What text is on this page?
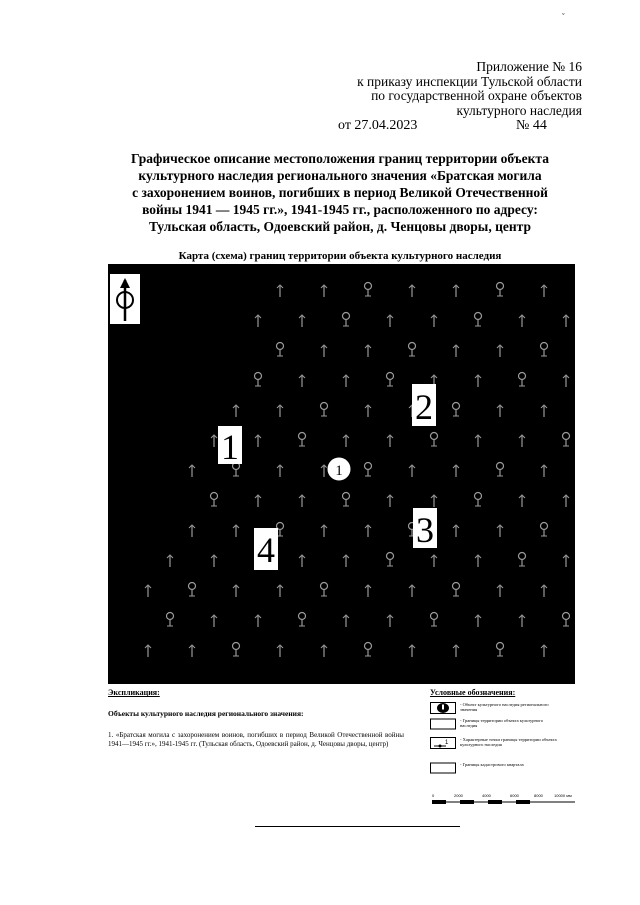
ˇ
Приложение № 16
к приказу инспекции Тульской области
по государственной охране объектов
культурного наследия
от 27.04.2023	№ 44
Графическое описание местоположения границ территории объекта
культурного наследия регионального значения «Братская могила
с захоронением воинов, погибших в период Великой Отечественной
войны 1941 — 1945 гг.», 1941-1945 гг., расположенного по адресу:
Тульская область, Одоевский район, д. Ченцовы дворы, центр
Карта (схема) границ территории объекта культурного наследия
1
2
3
4
1
Экспликация:
Объекты культурного наследия регионального значения:
1. «Братская могила с захоронением воинов, погибших в период Великой Отечественной войны 1941—1945 гг.», 1941-1945 гг. (Тульская область, Одоевский район, д. Ченцовы дворы, центр)
Условные обозначения:
- Объект культурного наследия регионального значения
- Границы территории объекта культурного наследия
1
- Характерные точки границы территории объекта культурного наследия
- Границы кадастрового квартала
0	2000	4000	6000	8000	10000 мм
